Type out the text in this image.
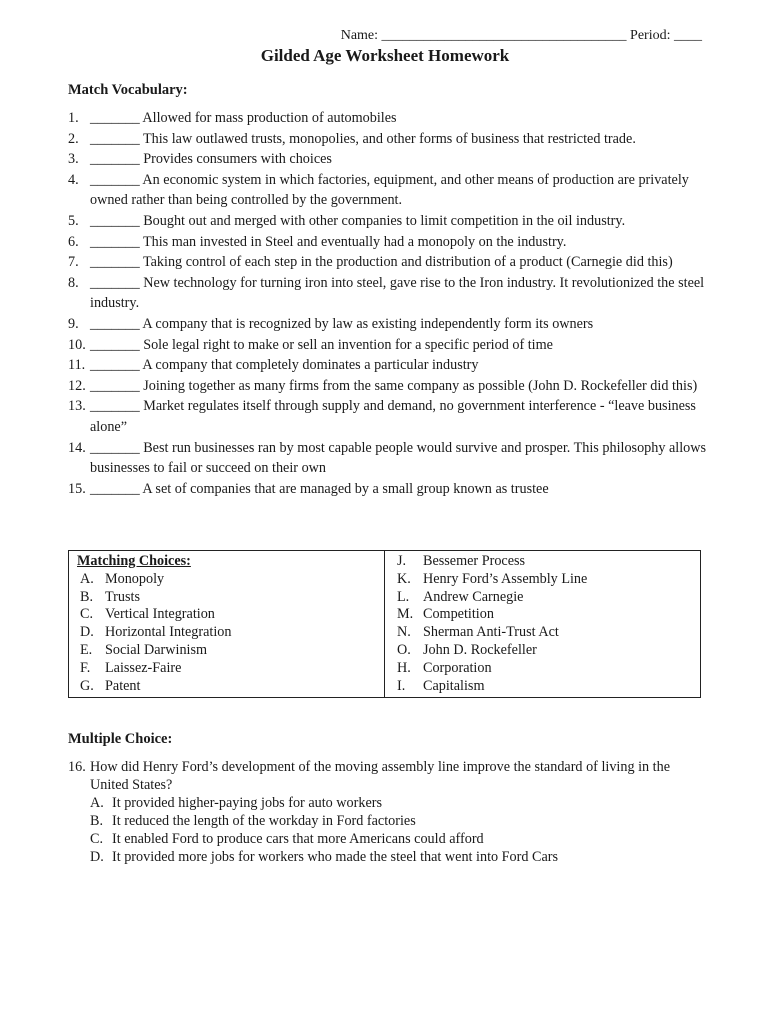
Name: ___________________________________ Period: ____
Gilded Age Worksheet Homework
Match Vocabulary:
1. _______ Allowed for mass production of automobiles
2. _______ This law outlawed trusts, monopolies, and other forms of business that restricted trade.
3. _______ Provides consumers with choices
4. _______ An economic system in which factories, equipment, and other means of production are privately owned rather than being controlled by the government.
5. _______ Bought out and merged with other companies to limit competition in the oil industry.
6. _______ This man invested in Steel and eventually had a monopoly on the industry.
7. _______ Taking control of each step in the production and distribution of a product (Carnegie did this)
8. _______ New technology for turning iron into steel, gave rise to the Iron industry. It revolutionized the steel industry.
9. _______ A company that is recognized by law as existing independently form its owners
10. _______ Sole legal right to make or sell an invention for a specific period of time
11. _______ A company that completely dominates a particular industry
12. _______ Joining together as many firms from the same company as possible (John D. Rockefeller did this)
13. _______ Market regulates itself through supply and demand, no government interference - “leave business alone”
14. _______ Best run businesses ran by most capable people would survive and prosper. This philosophy allows businesses to fail or succeed on their own
15. _______ A set of companies that are managed by a small group known as trustee
Matching Choices:
A. Monopoly
B. Trusts
C. Vertical Integration
D. Horizontal Integration
E. Social Darwinism
F. Laissez-Faire
G. Patent
J. Bessemer Process
K. Henry Ford’s Assembly Line
L. Andrew Carnegie
M. Competition
N. Sherman Anti-Trust Act
O. John D. Rockefeller
H. Corporation
I. Capitalism
Multiple Choice:
16. How did Henry Ford’s development of the moving assembly line improve the standard of living in the United States?
A. It provided higher-paying jobs for auto workers
B. It reduced the length of the workday in Ford factories
C. It enabled Ford to produce cars that more Americans could afford
D. It provided more jobs for workers who made the steel that went into Ford Cars
